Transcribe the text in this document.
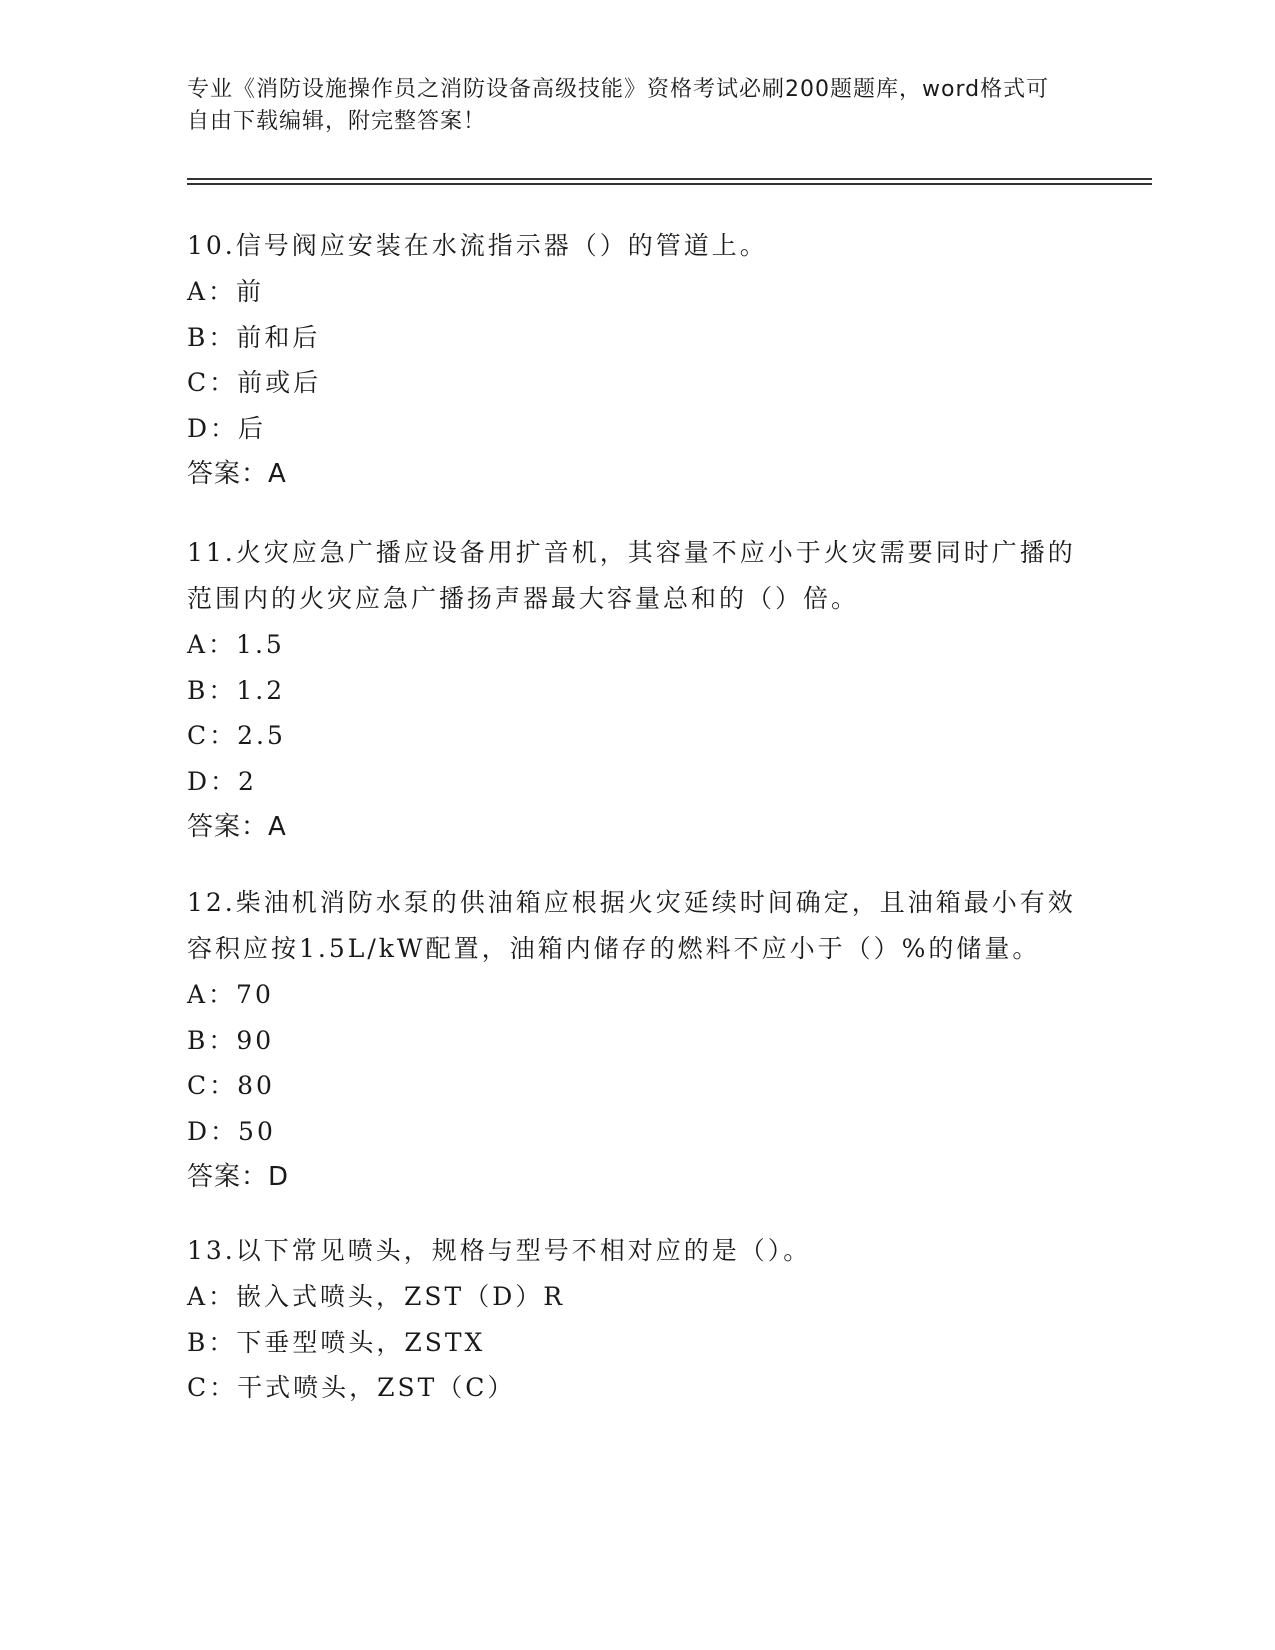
专业《消防设施操作员之消防设备高级技能》资格考试必刷200题题库，word格式可自由下载编辑，附完整答案！
10.信号阀应安装在水流指示器（）的管道上。
A：前
B：前和后
C：前或后
D：后
答案：A
11.火灾应急广播应设备用扩音机，其容量不应小于火灾需要同时广播的范围内的火灾应急广播扬声器最大容量总和的（）倍。
A：1.5
B：1.2
C：2.5
D：2
答案：A
12.柴油机消防水泵的供油箱应根据火灾延续时间确定，且油箱最小有效容积应按1.5L/kW配置，油箱内储存的燃料不应小于（）%的储量。
A：70
B：90
C：80
D：50
答案：D
13.以下常见喷头，规格与型号不相对应的是（）。
A：嵌入式喷头，ZST（D）R
B：下垂型喷头，ZSTX
C：干式喷头，ZST（C）
